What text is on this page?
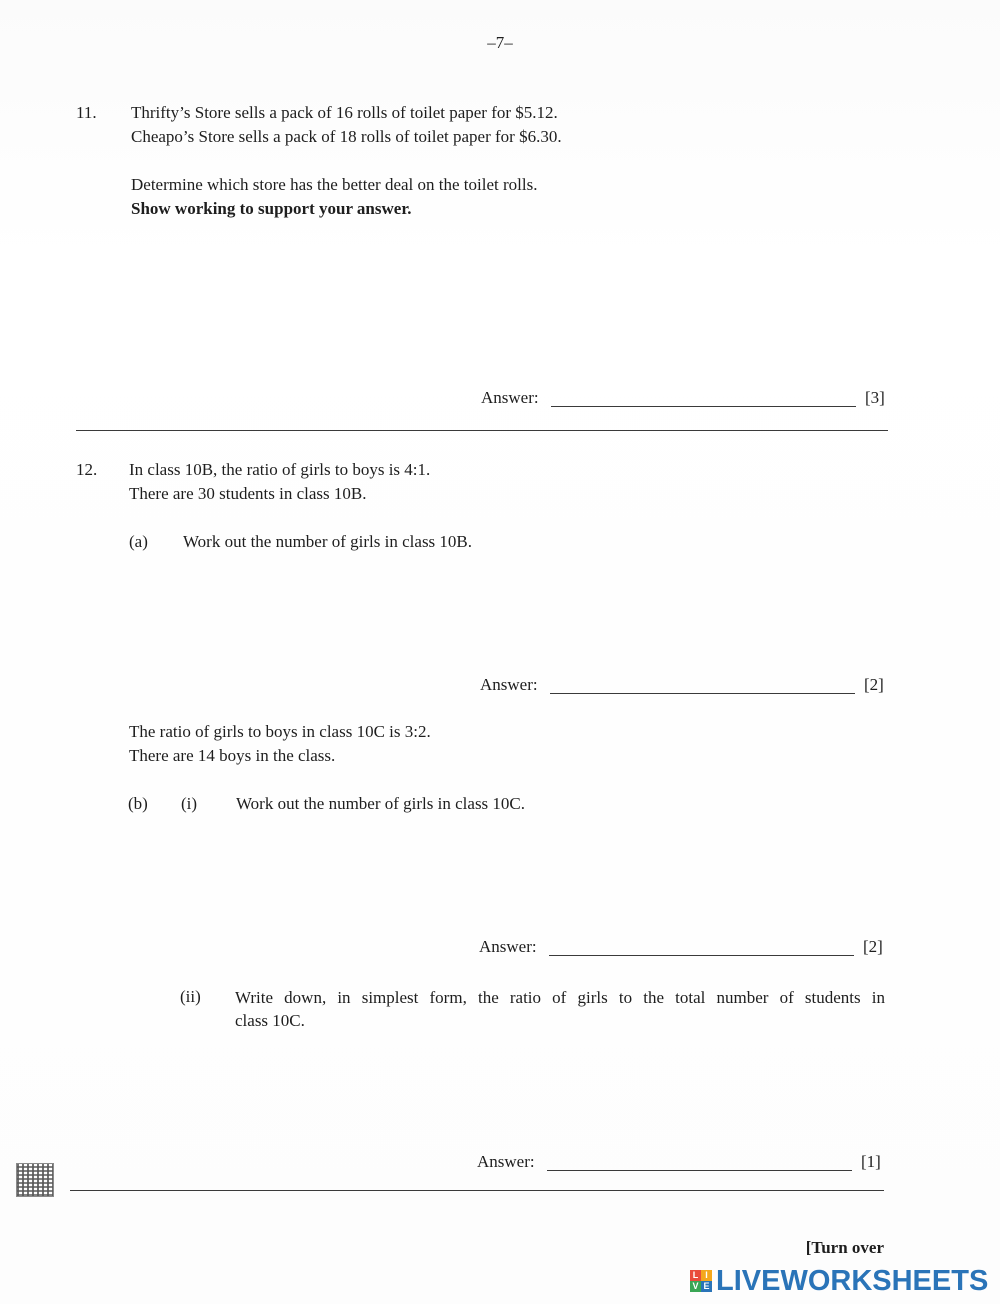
–7–
11. Thrifty’s Store sells a pack of 16 rolls of toilet paper for $5.12.
Cheapo’s Store sells a pack of 18 rolls of toilet paper for $6.30.
Determine which store has the better deal on the toilet rolls.
Show working to support your answer.
Answer:	[3]
12. In class 10B, the ratio of girls to boys is 4:1.
There are 30 students in class 10B.
(a) Work out the number of girls in class 10B.
Answer:	[2]
The ratio of girls to boys in class 10C is 3:2.
There are 14 boys in the class.
(b) (i) Work out the number of girls in class 10C.
Answer:	[2]
(ii) Write down, in simplest form, the ratio of girls to the total number of students in
class 10C.
Answer:	[1]
[Turn over
L I
V E LIVEWORKSHEETS
